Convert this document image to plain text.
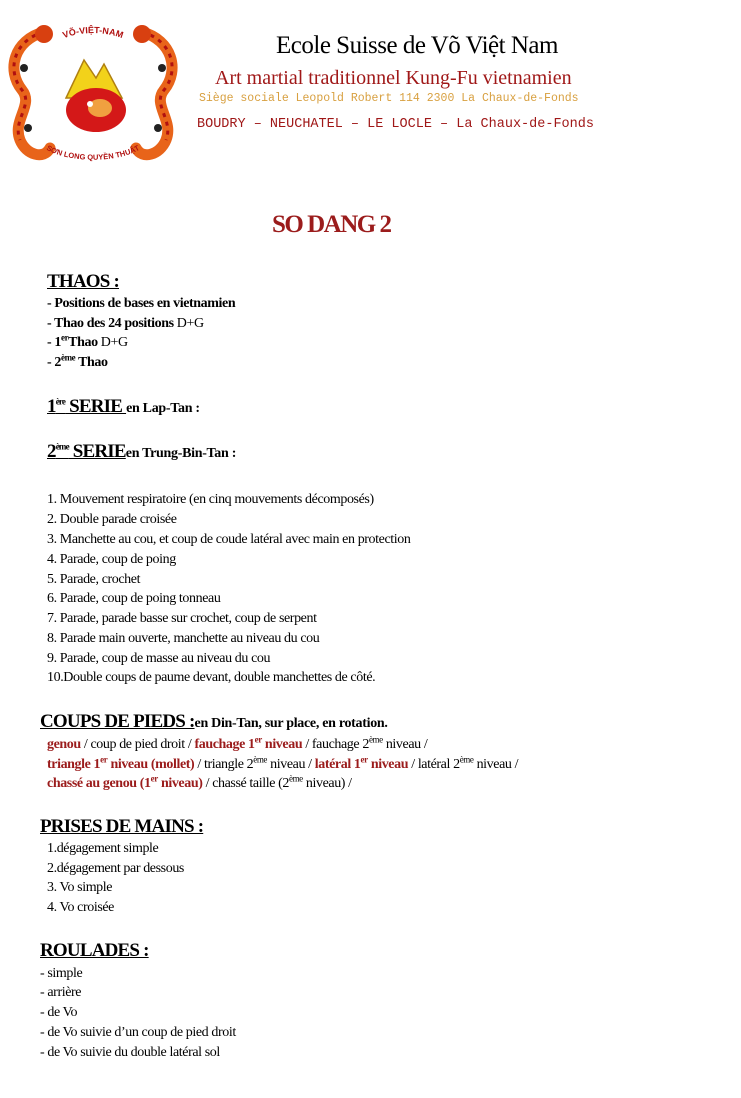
VÕ-VIỆT-NAM
SƠN LONG QUYỀN THUẬT
Ecole Suisse de Võ Việt Nam
Art martial traditionnel Kung-Fu vietnamien
Siège sociale Leopold Robert 114 2300 La Chaux-de-Fonds
BOUDRY – NEUCHATEL – LE LOCLE – La Chaux-de-Fonds
SO DANG 2
THAOS :
- Positions de bases en vietnamien
- Thao des 24 positions D+G
- 1erThao D+G
- 2ème Thao
1ère SERIE en Lap-Tan :
2ème SERIEen Trung-Bin-Tan :
1. Mouvement respiratoire (en cinq mouvements décomposés)
2. Double parade croisée
3. Manchette au cou, et coup de coude latéral avec main en protection
4. Parade, coup de poing
5. Parade, crochet
6. Parade, coup de poing tonneau
7. Parade, parade basse sur crochet, coup de serpent
8. Parade main ouverte, manchette au niveau du cou
9. Parade, coup de masse au niveau du cou
10.Double coups de paume devant, double manchettes de côté.
COUPS DE PIEDS :en Din-Tan, sur place, en rotation.
genou / coup de pied droit / fauchage 1er niveau / fauchage 2ème niveau /
triangle 1er niveau (mollet) / triangle 2ème niveau / latéral 1er niveau / latéral 2ème niveau /
chassé au genou (1er niveau) / chassé taille (2ème niveau) /
PRISES DE MAINS :
1.dégagement simple
2.dégagement par dessous
3. Vo simple
4. Vo croisée
ROULADES :
- simple
- arrière
- de Vo
- de Vo suivie d’un coup de pied droit
- de Vo suivie du double latéral sol
